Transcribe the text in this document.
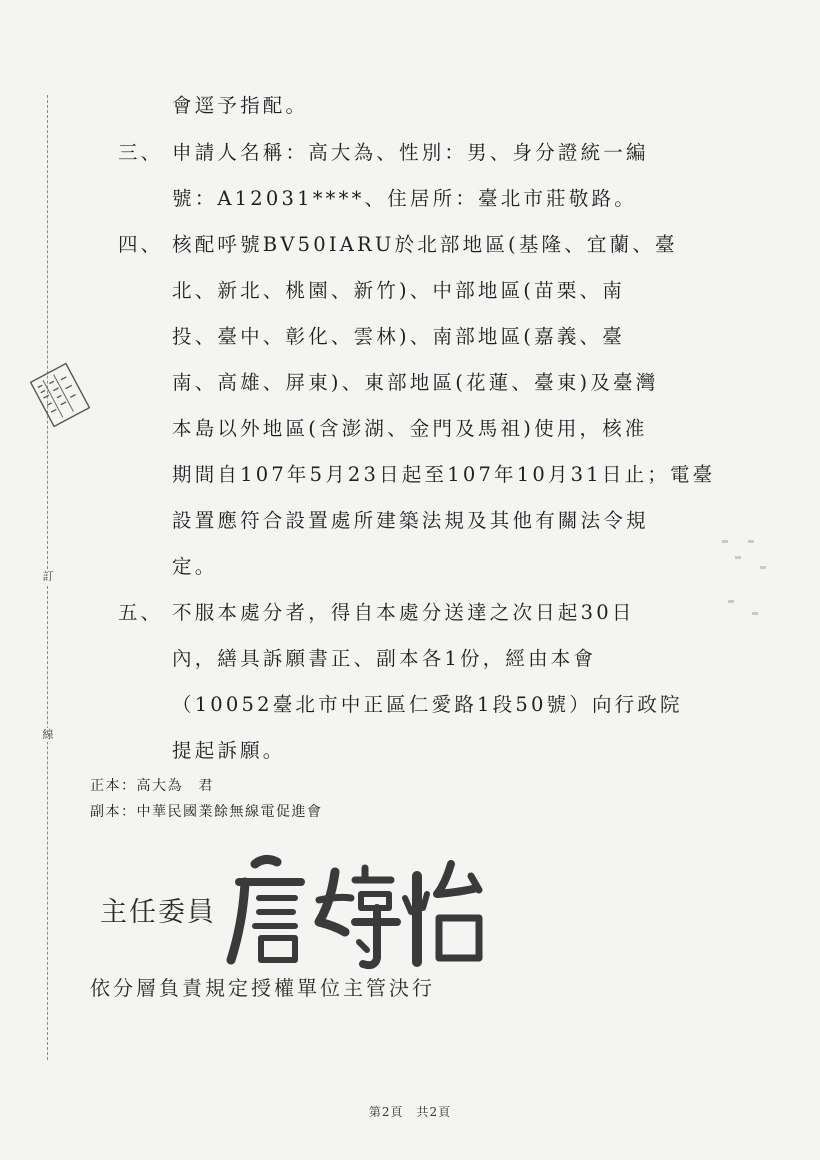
訂
線
會逕予指配。
三、 申請人名稱：高大為、性別：男、身分證統一編
號：A12031****、住居所：臺北市莊敬路。
四、 核配呼號BV50IARU於北部地區(基隆、宜蘭、臺
北、新北、桃園、新竹)、中部地區(苗栗、南
投、臺中、彰化、雲林)、南部地區(嘉義、臺
南、高雄、屏東)、東部地區(花蓮、臺東)及臺灣
本島以外地區(含澎湖、金門及馬祖)使用，核准
期間自107年5月23日起至107年10月31日止；電臺
設置應符合設置處所建築法規及其他有關法令規
定。
五、 不服本處分者，得自本處分送達之次日起30日
內，繕具訴願書正、副本各1份，經由本會
（10052臺北市中正區仁愛路1段50號）向行政院
提起訴願。
正本：高大為　君
副本：中華民國業餘無線電促進會
主任委員
依分層負責規定授權單位主管決行
第2頁　共2頁
